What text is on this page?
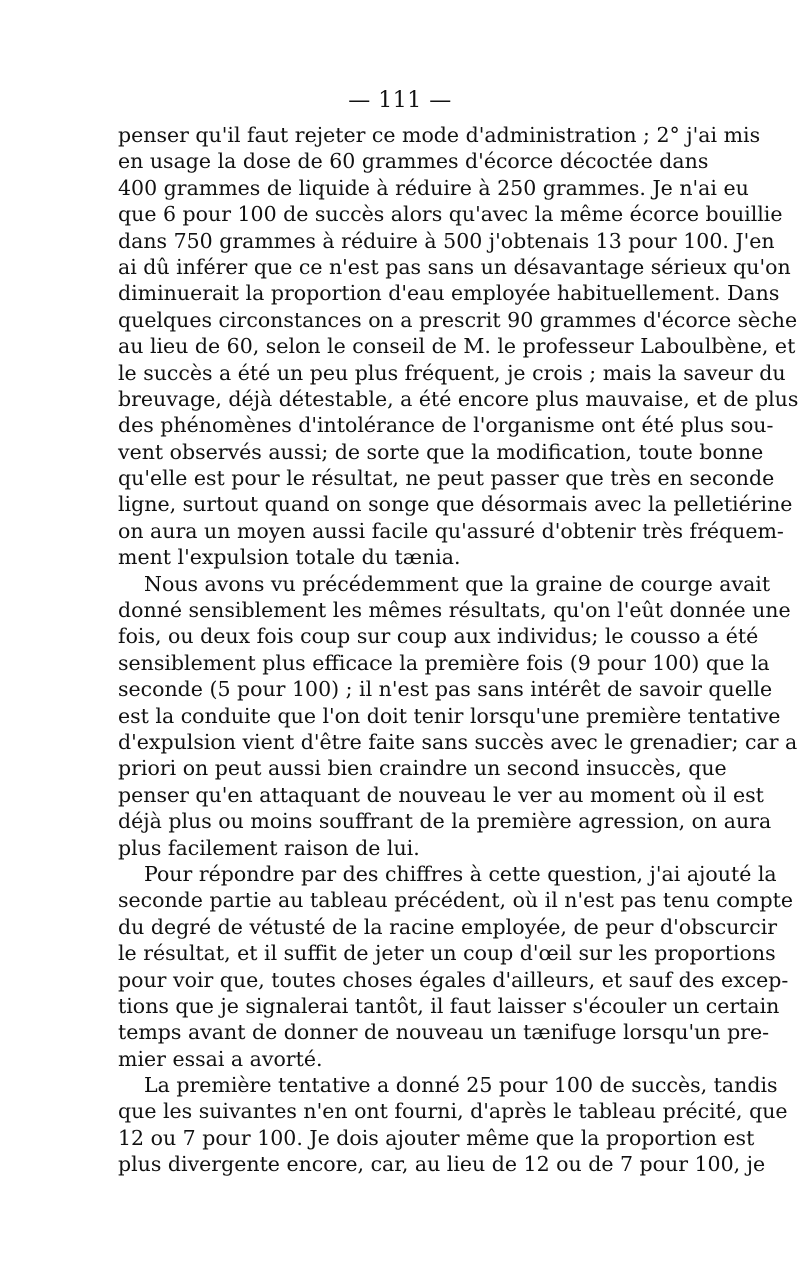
— 111 —
penser qu'il faut rejeter ce mode d'administration ; 2° j'ai mis
en usage la dose de 60 grammes d'écorce décoctée dans
400 grammes de liquide à réduire à 250 grammes. Je n'ai eu
que 6 pour 100 de succès alors qu'avec la même écorce bouillie
dans 750 grammes à réduire à 500 j'obtenais 13 pour 100. J'en
ai dû inférer que ce n'est pas sans un désavantage sérieux qu'on
diminuerait la proportion d'eau employée habituellement. Dans
quelques circonstances on a prescrit 90 grammes d'écorce sèche
au lieu de 60, selon le conseil de M. le professeur Laboulbène, et
le succès a été un peu plus fréquent, je crois ; mais la saveur du
breuvage, déjà détestable, a été encore plus mauvaise, et de plus
des phénomènes d'intolérance de l'organisme ont été plus sou-
vent observés aussi; de sorte que la modification, toute bonne
qu'elle est pour le résultat, ne peut passer que très en seconde
ligne, surtout quand on songe que désormais avec la pelletiérine
on aura un moyen aussi facile qu'assuré d'obtenir très fréquem-
ment l'expulsion totale du tænia.
Nous avons vu précédemment que la graine de courge avait
donné sensiblement les mêmes résultats, qu'on l'eût donnée une
fois, ou deux fois coup sur coup aux individus; le cousso a été
sensiblement plus efficace la première fois (9 pour 100) que la
seconde (5 pour 100) ; il n'est pas sans intérêt de savoir quelle
est la conduite que l'on doit tenir lorsqu'une première tentative
d'expulsion vient d'être faite sans succès avec le grenadier; car a
priori on peut aussi bien craindre un second insuccès, que
penser qu'en attaquant de nouveau le ver au moment où il est
déjà plus ou moins souffrant de la première agression, on aura
plus facilement raison de lui.
Pour répondre par des chiffres à cette question, j'ai ajouté la
seconde partie au tableau précédent, où il n'est pas tenu compte
du degré de vétusté de la racine employée, de peur d'obscurcir
le résultat, et il suffit de jeter un coup d'œil sur les proportions
pour voir que, toutes choses égales d'ailleurs, et sauf des excep-
tions que je signalerai tantôt, il faut laisser s'écouler un certain
temps avant de donner de nouveau un tænifuge lorsqu'un pre-
mier essai a avorté.
La première tentative a donné 25 pour 100 de succès, tandis
que les suivantes n'en ont fourni, d'après le tableau précité, que
12 ou 7 pour 100. Je dois ajouter même que la proportion est
plus divergente encore, car, au lieu de 12 ou de 7 pour 100, je
